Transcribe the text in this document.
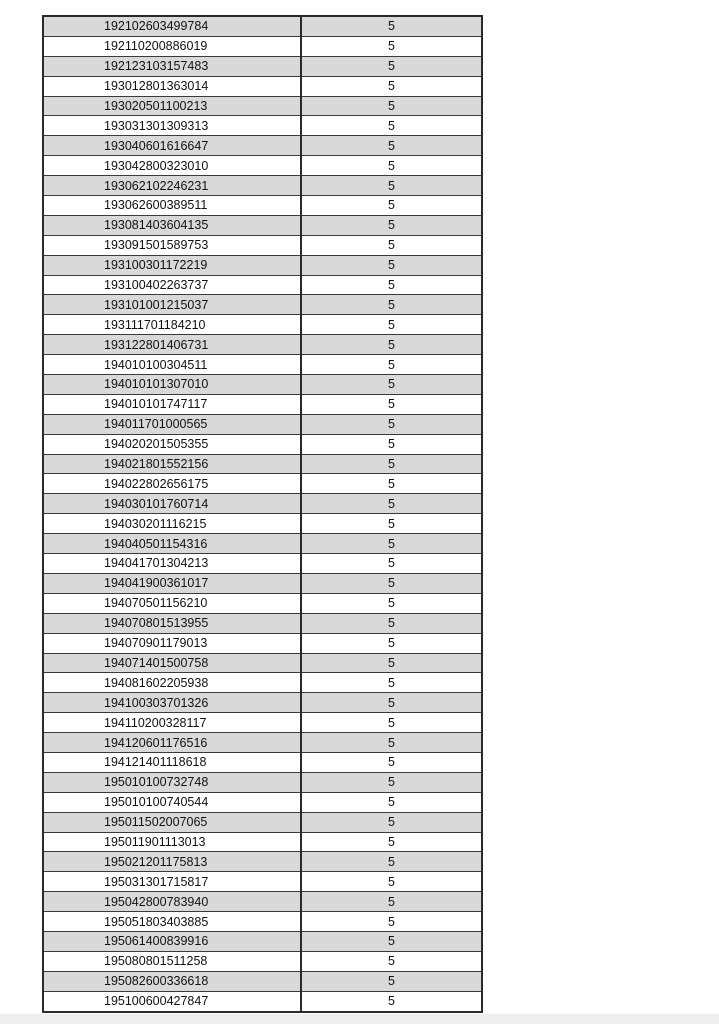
192102603499784	5
192110200886019	5
192123103157483	5
193012801363014	5
193020501100213	5
193031301309313	5
193040601616647	5
193042800323010	5
193062102246231	5
193062600389511	5
193081403604135	5
193091501589753	5
193100301172219	5
193100402263737	5
193101001215037	5
193111701184210	5
193122801406731	5
194010100304511	5
194010101307010	5
194010101747117	5
194011701000565	5
194020201505355	5
194021801552156	5
194022802656175	5
194030101760714	5
194030201116215	5
194040501154316	5
194041701304213	5
194041900361017	5
194070501156210	5
194070801513955	5
194070901179013	5
194071401500758	5
194081602205938	5
194100303701326	5
194110200328117	5
194120601176516	5
194121401118618	5
195010100732748	5
195010100740544	5
195011502007065	5
195011901113013	5
195021201175813	5
195031301715817	5
195042800783940	5
195051803403885	5
195061400839916	5
195080801511258	5
195082600336618	5
195100600427847	5
